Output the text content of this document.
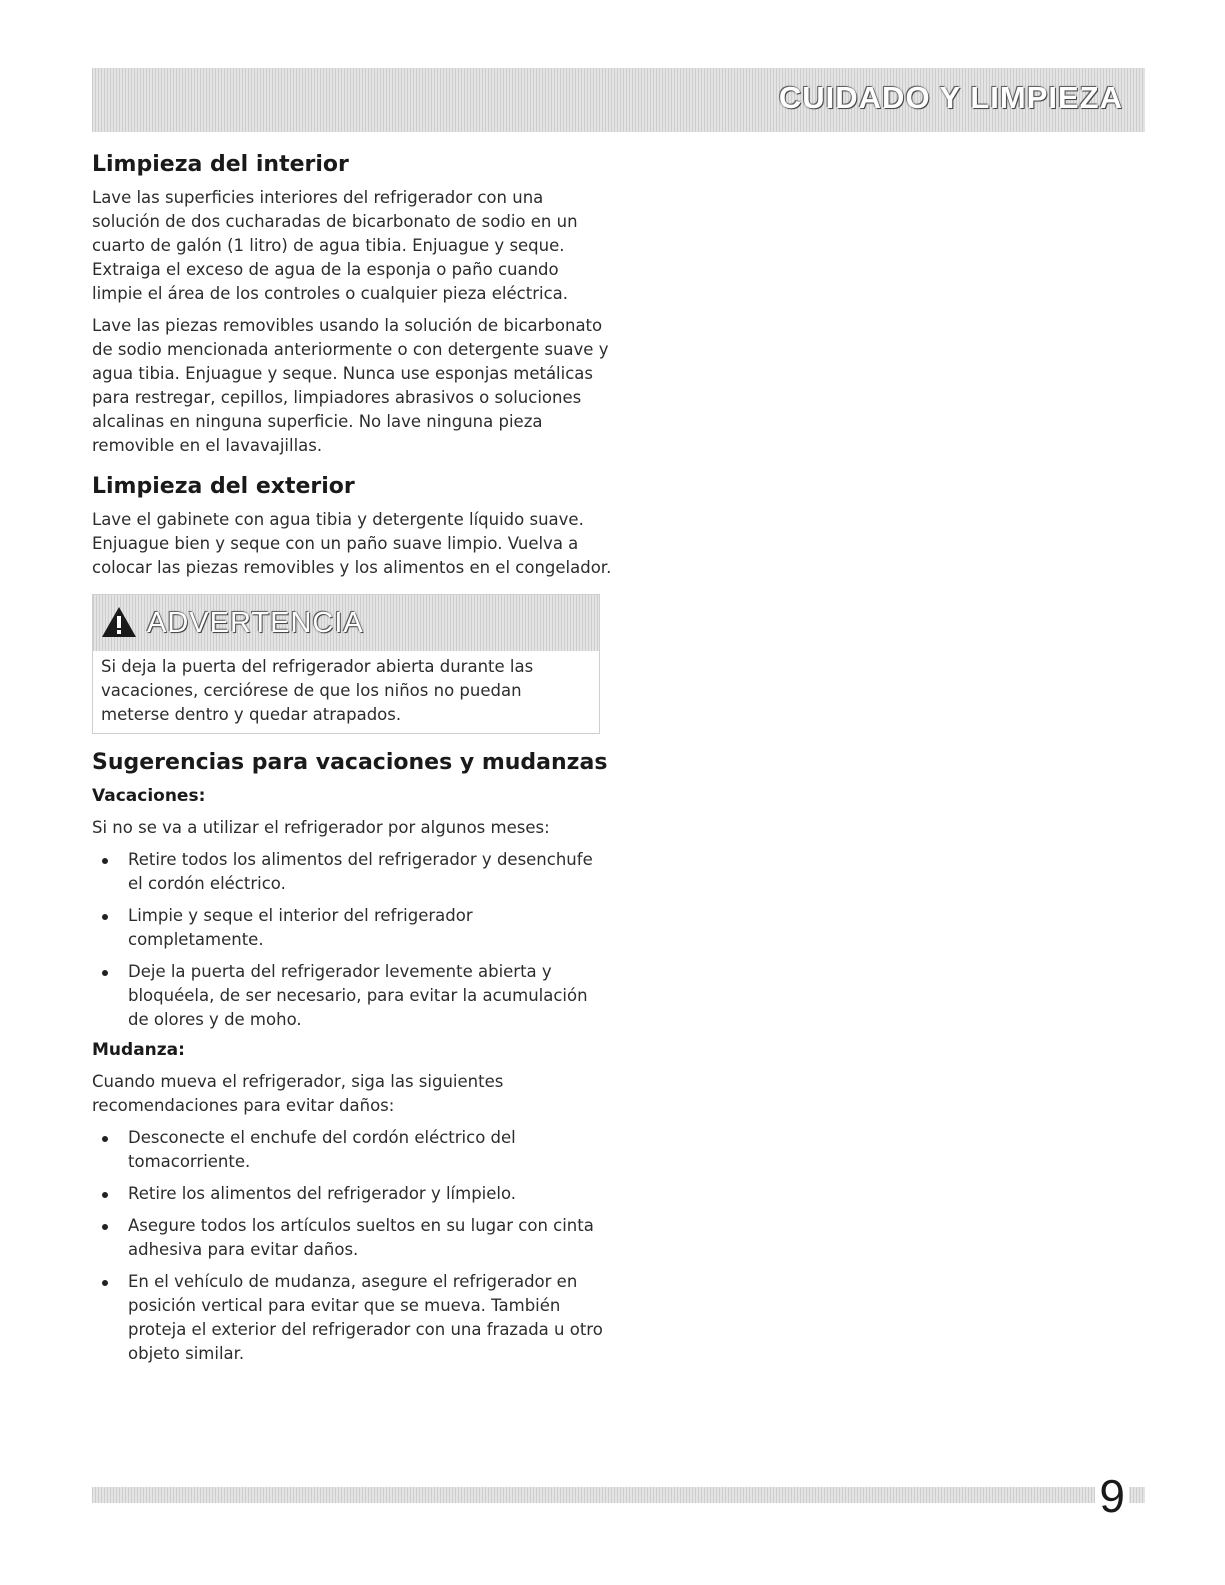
CUIDADO Y LIMPIEZA
Limpieza del interior

Lave las superficies interiores del refrigerador con una solución de dos cucharadas de bicarbonato de sodio en un cuarto de galón (1 litro) de agua tibia. Enjuague y seque. Extraiga el exceso de agua de la esponja o paño cuando limpie el área de los controles o cualquier pieza eléctrica.

Lave las piezas removibles usando la solución de bicarbonato de sodio mencionada anteriormente o con detergente suave y agua tibia. Enjuague y seque. Nunca use esponjas metálicas para restregar, cepillos, limpiadores abrasivos o soluciones alcalinas en ninguna superficie. No lave ninguna pieza removible en el lavavajillas.

Limpieza del exterior

Lave el gabinete con agua tibia y detergente líquido suave. Enjuague bien y seque con un paño suave limpio. Vuelva a colocar las piezas removibles y los alimentos en el congelador.

ADVERTENCIA

Si deja la puerta del refrigerador abierta durante las vacaciones, cerciórese de que los niños no puedan meterse dentro y quedar atrapados.

Sugerencias para vacaciones y mudanzas
Vacaciones:

Si no se va a utilizar el refrigerador por algunos meses:

Retire todos los alimentos del refrigerador y desenchufe el cordón eléctrico.
Limpie y seque el interior del refrigerador completamente.
Deje la puerta del refrigerador levemente abierta y bloquéela, de ser necesario, para evitar la acumulación de olores y de moho.
Mudanza:

Cuando mueva el refrigerador, siga las siguientes recomendaciones para evitar daños:

Desconecte el enchufe del cordón eléctrico del tomacorriente.
Retire los alimentos del refrigerador y límpielo.
Asegure todos los artículos sueltos en su lugar con cinta adhesiva para evitar daños.
En el vehículo de mudanza, asegure el refrigerador en posición vertical para evitar que se mueva. También proteja el exterior del refrigerador con una frazada u otro objeto similar.
9
